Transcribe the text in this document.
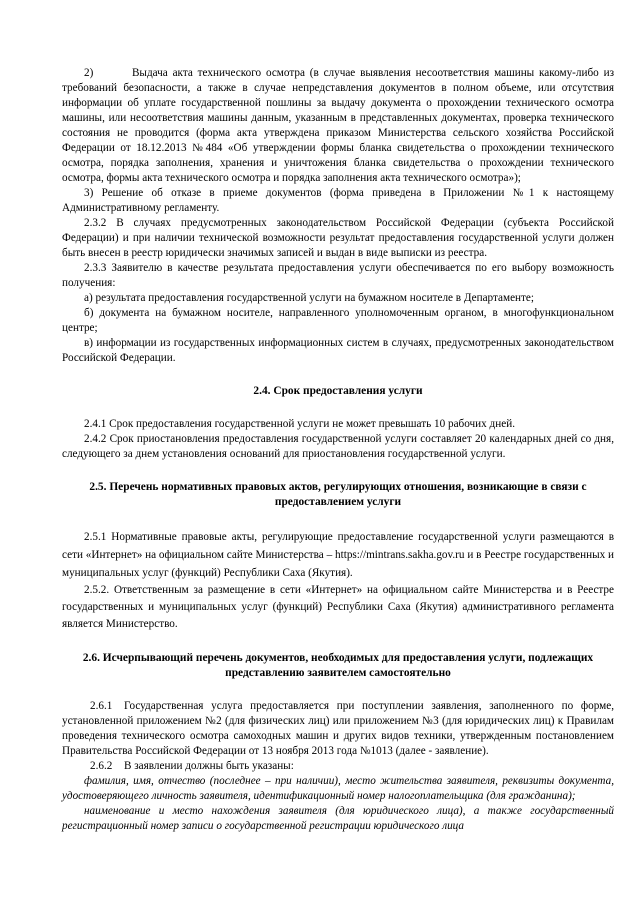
2)        Выдача акта технического осмотра (в случае выявления несоответствия машины какому-либо из требований безопасности, а также в случае непредставления документов в полном объеме, или отсутствия информации об уплате государственной пошлины за выдачу документа о прохождении технического осмотра машины, или несоответствия машины данным, указанным в представленных документах, проверка технического состояния не проводится (форма акта утверждена приказом Министерства сельского хозяйства Российской Федерации от 18.12.2013 №484 «Об утверждении формы бланка свидетельства о прохождении технического осмотра, порядка заполнения, хранения и уничтожения бланка свидетельства о прохождении технического осмотра, формы акта технического осмотра и порядка заполнения акта технического осмотра»);

3) Решение об отказе в приеме документов (форма приведена в Приложении №1 к настоящему Административному регламенту.

2.3.2 В случаях предусмотренных законодательством Российской Федерации (субъекта Российской Федерации) и при наличии технической возможности результат предоставления государственной услуги должен быть внесен в реестр юридически значимых записей и выдан в виде выписки из реестра.

2.3.3 Заявителю в качестве результата предоставления услуги обеспечивается по его выбору возможность получения:

а) результата предоставления государственной услуги на бумажном носителе в Департаменте;

б) документа на бумажном носителе, направленного уполномоченным органом, в многофункциональном центре;

в) информации из государственных информационных систем в случаях, предусмотренных законодательством Российской Федерации.

2.4. Срок предоставления услуги

2.4.1 Срок предоставления государственной услуги не может превышать 10 рабочих дней.

2.4.2 Срок приостановления предоставления государственной услуги составляет 20 календарных дней со дня, следующего за днем установления оснований для приостановления государственной услуги.

2.5. Перечень нормативных правовых актов, регулирующих отношения, возникающие в связи с предоставлением услуги

2.5.1 Нормативные правовые акты, регулирующие предоставление государственной услуги размещаются в сети «Интернет» на официальном сайте Министерства – https://mintrans.sakha.gov.ru и в Реестре государственных и муниципальных услуг (функций) Республики Саха (Якутия).

2.5.2. Ответственным за размещение в сети «Интернет» на официальном сайте Министерства и в Реестре государственных и муниципальных услуг (функций) Республики Саха (Якутия) административного регламента является Министерство.

2.6. Исчерпывающий перечень документов, необходимых для предоставления услуги, подлежащих представлению заявителем самостоятельно

2.6.1 Государственная услуга предоставляется при поступлении заявления, заполненного по форме, установленной приложением №2 (для физических лиц) или приложением №3 (для юридических лиц) к Правилам проведения технического осмотра самоходных машин и других видов техники, утвержденным постановлением Правительства Российской Федерации от 13 ноября 2013 года №1013 (далее - заявление).

2.6.2 В заявлении должны быть указаны:

фамилия, имя, отчество (последнее – при наличии), место жительства заявителя, реквизиты документа, удостоверяющего личность заявителя, идентификационный номер налогоплательщика (для гражданина);

наименование и место нахождения заявителя (для юридического лица), а также государственный регистрационный номер записи о государственной регистрации юридического лица
